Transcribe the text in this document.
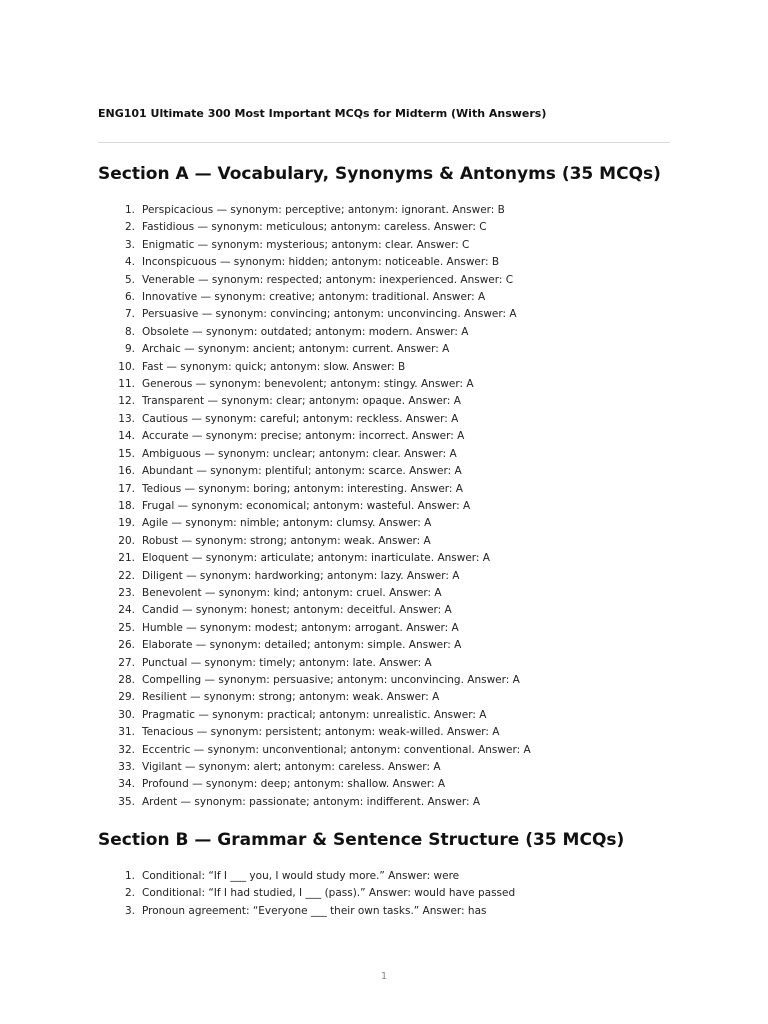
ENG101 Ultimate 300 Most Important MCQs for Midterm (With Answers)
Section A — Vocabulary, Synonyms & Antonyms (35 MCQs)
1. Perspicacious — synonym: perceptive; antonym: ignorant. Answer: B
2. Fastidious — synonym: meticulous; antonym: careless. Answer: C
3. Enigmatic — synonym: mysterious; antonym: clear. Answer: C
4. Inconspicuous — synonym: hidden; antonym: noticeable. Answer: B
5. Venerable — synonym: respected; antonym: inexperienced. Answer: C
6. Innovative — synonym: creative; antonym: traditional. Answer: A
7. Persuasive — synonym: convincing; antonym: unconvincing. Answer: A
8. Obsolete — synonym: outdated; antonym: modern. Answer: A
9. Archaic — synonym: ancient; antonym: current. Answer: A
10. Fast — synonym: quick; antonym: slow. Answer: B
11. Generous — synonym: benevolent; antonym: stingy. Answer: A
12. Transparent — synonym: clear; antonym: opaque. Answer: A
13. Cautious — synonym: careful; antonym: reckless. Answer: A
14. Accurate — synonym: precise; antonym: incorrect. Answer: A
15. Ambiguous — synonym: unclear; antonym: clear. Answer: A
16. Abundant — synonym: plentiful; antonym: scarce. Answer: A
17. Tedious — synonym: boring; antonym: interesting. Answer: A
18. Frugal — synonym: economical; antonym: wasteful. Answer: A
19. Agile — synonym: nimble; antonym: clumsy. Answer: A
20. Robust — synonym: strong; antonym: weak. Answer: A
21. Eloquent — synonym: articulate; antonym: inarticulate. Answer: A
22. Diligent — synonym: hardworking; antonym: lazy. Answer: A
23. Benevolent — synonym: kind; antonym: cruel. Answer: A
24. Candid — synonym: honest; antonym: deceitful. Answer: A
25. Humble — synonym: modest; antonym: arrogant. Answer: A
26. Elaborate — synonym: detailed; antonym: simple. Answer: A
27. Punctual — synonym: timely; antonym: late. Answer: A
28. Compelling — synonym: persuasive; antonym: unconvincing. Answer: A
29. Resilient — synonym: strong; antonym: weak. Answer: A
30. Pragmatic — synonym: practical; antonym: unrealistic. Answer: A
31. Tenacious — synonym: persistent; antonym: weak-willed. Answer: A
32. Eccentric — synonym: unconventional; antonym: conventional. Answer: A
33. Vigilant — synonym: alert; antonym: careless. Answer: A
34. Profound — synonym: deep; antonym: shallow. Answer: A
35. Ardent — synonym: passionate; antonym: indifferent. Answer: A
Section B — Grammar & Sentence Structure (35 MCQs)
1. Conditional: “If I ___ you, I would study more.” Answer: were
2. Conditional: “If I had studied, I ___ (pass).” Answer: would have passed
3. Pronoun agreement: “Everyone ___ their own tasks.” Answer: has
1
